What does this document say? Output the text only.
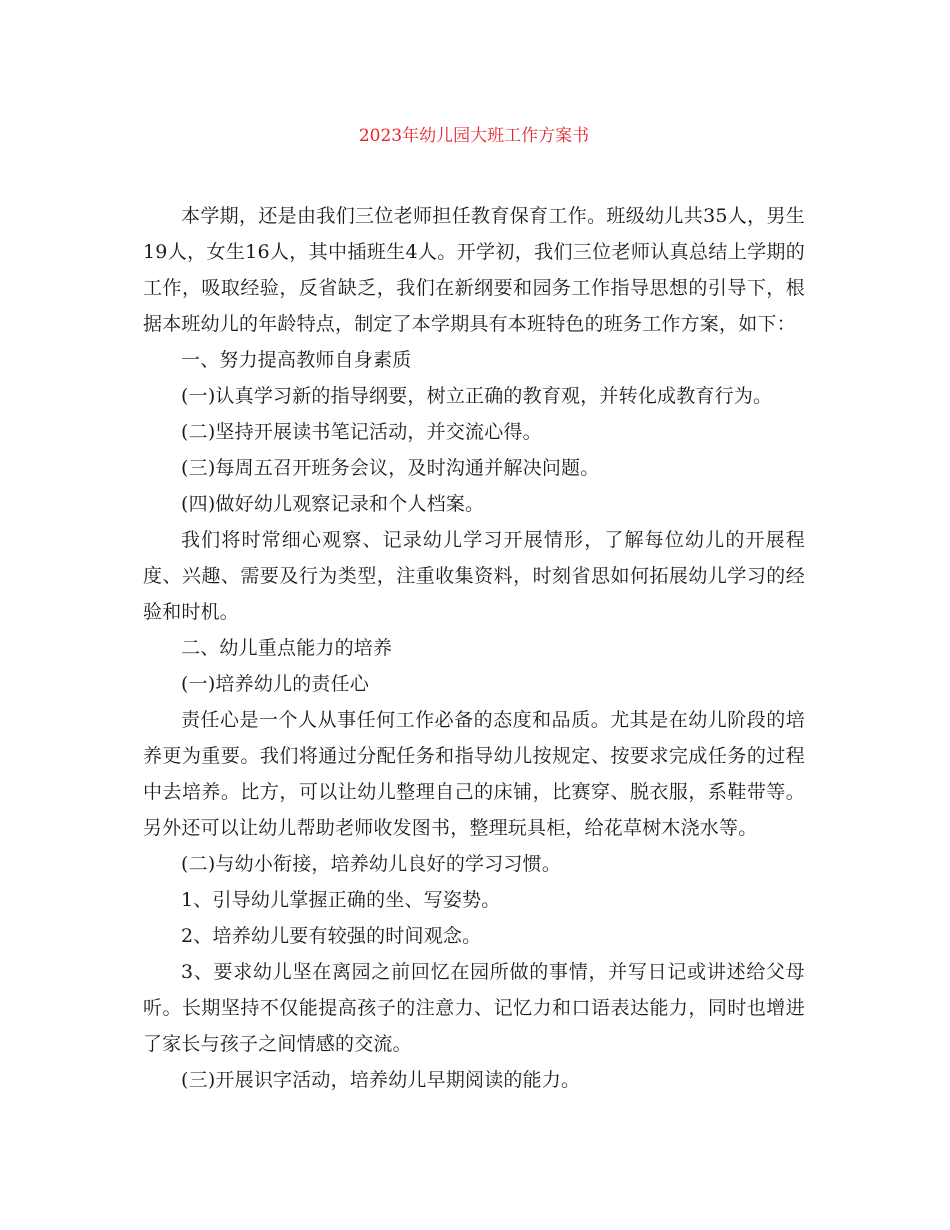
2023年幼儿园大班工作方案书

本学期，还是由我们三位老师担任教育保育工作。班级幼儿共35人，男生19人，女生16人，其中插班生4人。开学初，我们三位老师认真总结上学期的工作，吸取经验，反省缺乏，我们在新纲要和园务工作指导思想的引导下，根据本班幼儿的年龄特点，制定了本学期具有本班特色的班务工作方案，如下：

一、努力提高教师自身素质

(一)认真学习新的指导纲要，树立正确的教育观，并转化成教育行为。

(二)坚持开展读书笔记活动，并交流心得。

(三)每周五召开班务会议，及时沟通并解决问题。

(四)做好幼儿观察记录和个人档案。

我们将时常细心观察、记录幼儿学习开展情形，了解每位幼儿的开展程度、兴趣、需要及行为类型，注重收集资料，时刻省思如何拓展幼儿学习的经验和时机。

二、幼儿重点能力的培养

(一)培养幼儿的责任心

责任心是一个人从事任何工作必备的态度和品质。尤其是在幼儿阶段的培养更为重要。我们将通过分配任务和指导幼儿按规定、按要求完成任务的过程中去培养。比方，可以让幼儿整理自己的床铺，比赛穿、脱衣服，系鞋带等。另外还可以让幼儿帮助老师收发图书，整理玩具柜，给花草树木浇水等。

(二)与幼小衔接，培养幼儿良好的学习习惯。

1、引导幼儿掌握正确的坐、写姿势。

2、培养幼儿要有较强的时间观念。

3、要求幼儿坚在离园之前回忆在园所做的事情，并写日记或讲述给父母听。长期坚持不仅能提高孩子的注意力、记忆力和口语表达能力，同时也增进了家长与孩子之间情感的交流。

(三)开展识字活动，培养幼儿早期阅读的能力。
